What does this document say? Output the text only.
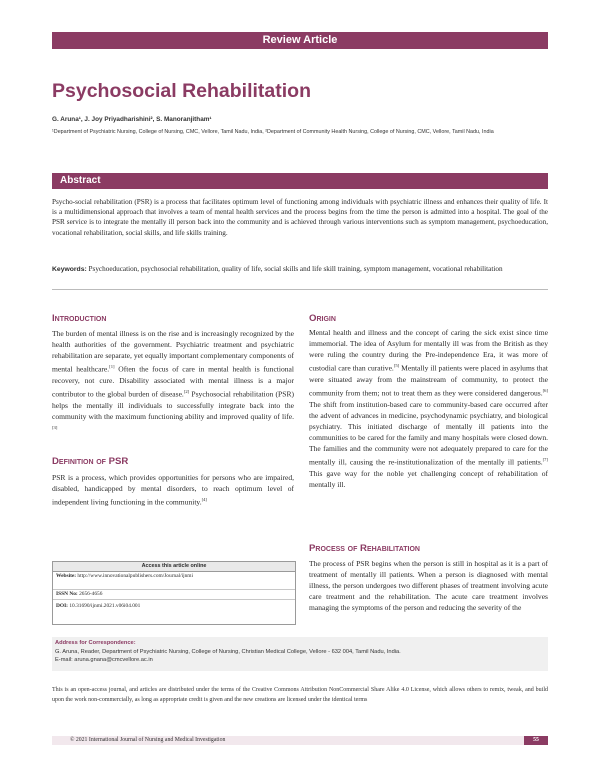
Review Article
Psychosocial Rehabilitation
G. Aruna¹, J. Joy Priyadharishini², S. Manoranjitham¹
¹Department of Psychiatric Nursing, College of Nursing, CMC, Vellore, Tamil Nadu, India, ²Department of Community Health Nursing, College of Nursing, CMC, Vellore, Tamil Nadu, India
Abstract
Psycho-social rehabilitation (PSR) is a process that facilitates optimum level of functioning among individuals with psychiatric illness and enhances their quality of life. It is a multidimensional approach that involves a team of mental health services and the process begins from the time the person is admitted into a hospital. The goal of the PSR service is to integrate the mentally ill person back into the community and is achieved through various interventions such as symptom management, psychoeducation, vocational rehabilitation, social skills, and life skills training.
Keywords: Psychoeducation, psychosocial rehabilitation, quality of life, social skills and life skill training, symptom management, vocational rehabilitation
Introduction
The burden of mental illness is on the rise and is increasingly recognized by the health authorities of the government. Psychiatric treatment and psychiatric rehabilitation are separate, yet equally important complementary components of mental healthcare.[1] Often the focus of care in mental health is functional recovery, not cure. Disability associated with mental illness is a major contributor to the global burden of disease.[2] Psychosocial rehabilitation (PSR) helps the mentally ill individuals to successfully integrate back into the community with the maximum functioning ability and improved quality of life.[3]
Definition of PSR
PSR is a process, which provides opportunities for persons who are impaired, disabled, handicapped by mental disorders, to reach optimum level of independent living functioning in the community.[4]
Access this article online
Website: http://www.innovationalpublishers.com/Journal/ijnmi
ISSN No: 2656-4656
DOI: 10.31690/ijnmi.2021.v06i04.001
Origin
Mental health and illness and the concept of caring the sick exist since time immemorial. The idea of Asylum for mentally ill was from the British as they were ruling the country during the Pre-independence Era, it was more of custodial care than curative.[5] Mentally ill patients were placed in asylums that were situated away from the mainstream of community, to protect the community from them; not to treat them as they were considered dangerous.[6] The shift from institution-based care to community-based care occurred after the advent of advances in medicine, psychodynamic psychiatry, and biological psychiatry. This initiated discharge of mentally ill patients into the communities to be cared for the family and many hospitals were closed down. The families and the community were not adequately prepared to care for the mentally ill, causing the re-institutionalization of the mentally ill patients.[7] This gave way for the noble yet challenging concept of rehabilitation of mentally ill.
Process of Rehabilitation
The process of PSR begins when the person is still in hospital as it is a part of treatment of mentally ill patients. When a person is diagnosed with mental illness, the person undergoes two different phases of treatment involving acute care treatment and the rehabilitation. The acute care treatment involves managing the symptoms of the person and reducing the severity of the
Address for Correspondence:
G. Aruna, Reader, Department of Psychiatric Nursing, College of Nursing, Christian Medical College, Vellore - 632 004, Tamil Nadu, India.
E-mail: aruna.gnana@cmcvellore.ac.in
This is an open-access journal, and articles are distributed under the terms of the Creative Commons Attribution NonCommercial Share Alike 4.0 License, which allows others to remix, tweak, and build upon the work non-commercially, as long as appropriate credit is given and the new creations are licensed under the identical terms
© 2021 International Journal of Nursing and Medical Investigation	55
